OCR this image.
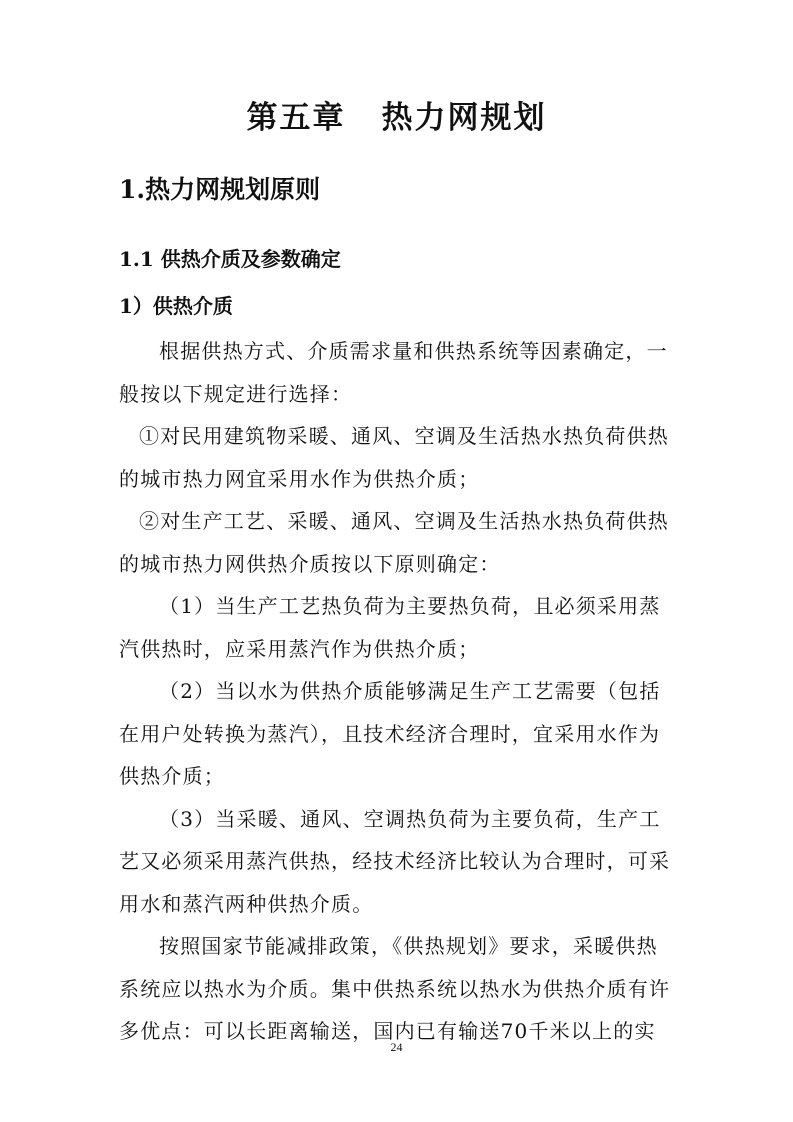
第五章 热力网规划
1.热力网规划原则
1.1 供热介质及参数确定
1）供热介质

根据供热方式、介质需求量和供热系统等因素确定，一般按以下规定进行选择：

①对民用建筑物采暖、通风、空调及生活热水热负荷供热的城市热力网宜采用水作为供热介质；

②对生产工艺、采暖、通风、空调及生活热水热负荷供热的城市热力网供热介质按以下原则确定：

（1）当生产工艺热负荷为主要热负荷，且必须采用蒸汽供热时，应采用蒸汽作为供热介质；

（2）当以水为供热介质能够满足生产工艺需要（包括在用户处转换为蒸汽），且技术经济合理时，宜采用水作为供热介质；

（3）当采暖、通风、空调热负荷为主要负荷，生产工艺又必须采用蒸汽供热，经技术经济比较认为合理时，可采用水和蒸汽两种供热介质。

按照国家节能减排政策，《供热规划》要求，采暖供热系统应以热水为介质。集中供热系统以热水为供热介质有许多优点：可以长距离输送，国内已有输送70千米以上的实

24
